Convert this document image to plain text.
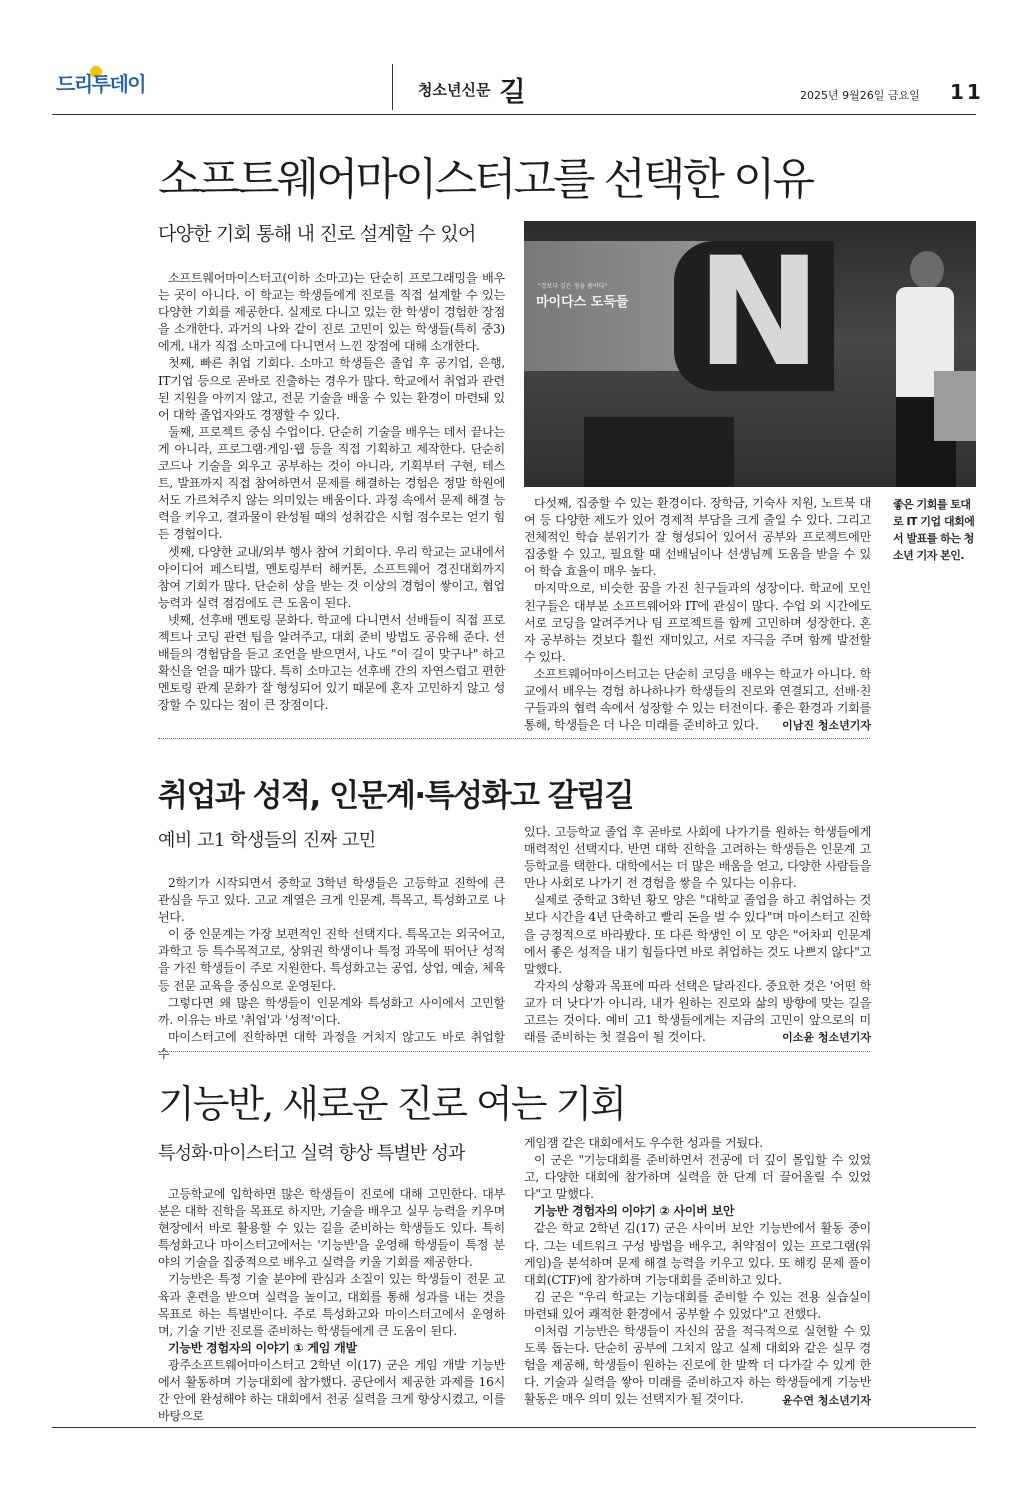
드리투데이	청소년신문 길	2025년 9월26일 금요일 11
소프트웨어마이스터고를 선택한 이유
다양한 기회 통해 내 진로 설계할 수 있어

소프트웨어마이스터고(이하 소마고)는 단순히 프로그래밍을 배우는 곳이 아니다. 이 학교는 학생들에게 진로를 직접 설계할 수 있는 다양한 기회를 제공한다. 실제로 다니고 있는 한 학생이 경험한 장점을 소개한다. 과거의 나와 같이 진로 고민이 있는 학생들(특히 중3)에게, 내가 직접 소마고에 다니면서 느낀 장점에 대해 소개한다.

첫째, 빠른 취업 기회다. 소마고 학생들은 졸업 후 공기업, 은행, IT기업 등으로 곧바로 진출하는 경우가 많다. 학교에서 취업과 관련된 지원을 아끼지 않고, 전문 기술을 배울 수 있는 환경이 마련돼 있어 대학 졸업자와도 경쟁할 수 있다.

둘째, 프로젝트 중심 수업이다. 단순히 기술을 배우는 데서 끝나는 게 아니라, 프로그램·게임·웹 등을 직접 기획하고 제작한다. 단순히 코드나 기술을 외우고 공부하는 것이 아니라, 기획부터 구현, 테스트, 발표까지 직접 참여하면서 문제를 해결하는 경험은 정말 학원에서도 가르쳐주지 않는 의미있는 배움이다. 과정 속에서 문제 해결 능력을 키우고, 결과물이 완성될 때의 성취감은 시험 점수로는 얻기 힘든 경험이다.

셋째, 다양한 교내/외부 행사 참여 기회이다. 우리 학교는 교내에서 아이디어 페스티벌, 멘토링부터 해커톤, 소프트웨어 경진대회까지 참여 기회가 많다. 단순히 상을 받는 것 이상의 경험이 쌓이고, 협업 능력과 실력 점검에도 큰 도움이 된다.

넷째, 선후배 멘토링 문화다. 학교에 다니면서 선배들이 직접 프로젝트나 코딩 관련 팁을 알려주고, 대회 준비 방법도 공유해 준다. 선배들의 경험담을 듣고 조언을 받으면서, 나도 "이 길이 맞구나" 하고 확신을 얻을 때가 많다. 특히 소마고는 선후배 간의 자연스럽고 편한 멘토링 관계 문화가 잘 형성되어 있기 때문에 혼자 고민하지 않고 성장할 수 있다는 점이 큰 장점이다.

"강보다 깊은 정을 품어다"
마이다스 도둑들 N

다섯째, 집중할 수 있는 환경이다. 장학금, 기숙사 지원, 노트북 대여 등 다양한 제도가 있어 경제적 부담을 크게 줄일 수 있다. 그리고 전체적인 학습 분위기가 잘 형성되어 있어서 공부와 프로젝트에만 집중할 수 있고, 필요할 때 선배님이나 선생님께 도움을 받을 수 있어 학습 효율이 매우 높다.

마지막으로, 비슷한 꿈을 가진 친구들과의 성장이다. 학교에 모인 친구들은 대부분 소프트웨어와 IT에 관심이 많다. 수업 외 시간에도 서로 코딩을 알려주거나 팀 프로젝트를 함께 고민하며 성장한다. 혼자 공부하는 것보다 훨씬 재미있고, 서로 자극을 주며 함께 발전할 수 있다.

소프트웨어마이스터고는 단순히 코딩을 배우는 학교가 아니다. 학교에서 배우는 경험 하나하나가 학생들의 진로와 연결되고, 선배·친구들과의 협력 속에서 성장할 수 있는 터전이다. 좋은 환경과 기회를 통해, 학생들은 더 나은 미래를 준비하고 있다.	이남진 청소년기자
좋은 기회를 토대로 IT 기업 대회에서 발표를 하는 청소년 기자 본인.
취업과 성적, 인문계·특성화고 갈림길
예비 고1 학생들의 진짜 고민

2학기가 시작되면서 중학교 3학년 학생들은 고등학교 진학에 큰 관심을 두고 있다. 고교 계열은 크게 인문계, 특목고, 특성화고로 나뉜다.

이 중 인문계는 가장 보편적인 진학 선택지다. 특목고는 외국어고, 과학고 등 특수목적고로, 상위권 학생이나 특정 과목에 뛰어난 성적을 가진 학생들이 주로 지원한다. 특성화고는 공업, 상업, 예술, 체육 등 전문 교육을 중심으로 운영된다.

그렇다면 왜 많은 학생들이 인문계와 특성화고 사이에서 고민할까. 이유는 바로 '취업'과 '성적'이다.

마이스터고에 진학하면 대학 과정을 거치지 않고도 바로 취업할 수

있다. 고등학교 졸업 후 곧바로 사회에 나가기를 원하는 학생들에게 매력적인 선택지다. 반면 대학 진학을 고려하는 학생들은 인문계 고등학교를 택한다. 대학에서는 더 많은 배움을 얻고, 다양한 사람들을 만나 사회로 나가기 전 경험을 쌓을 수 있다는 이유다.

실제로 중학교 3학년 황모 양은 "대학교 졸업을 하고 취업하는 것보다 시간을 4년 단축하고 빨리 돈을 벌 수 있다"며 마이스터고 진학을 긍정적으로 바라봤다. 또 다른 학생인 이 모 양은 "어차피 인문계에서 좋은 성적을 내기 힘들다면 바로 취업하는 것도 나쁘지 않다"고 말했다.

각자의 상황과 목표에 따라 선택은 달라진다. 중요한 것은 '어떤 학교가 더 낫다'가 아니라, 내가 원하는 진로와 삶의 방향에 맞는 길을 고르는 것이다. 예비 고1 학생들에게는 지금의 고민이 앞으로의 미래를 준비하는 첫 걸음이 될 것이다.	이소윤 청소년기자
기능반, 새로운 진로 여는 기회
특성화·마이스터고 실력 향상 특별반 성과

고등학교에 입학하면 많은 학생들이 진로에 대해 고민한다. 대부분은 대학 진학을 목표로 하지만, 기술을 배우고 실무 능력을 키우며 현장에서 바로 활용할 수 있는 길을 준비하는 학생들도 있다. 특히 특성화고나 마이스터고에서는 '기능반'을 운영해 학생들이 특정 분야의 기술을 집중적으로 배우고 실력을 키울 기회를 제공한다.

기능반은 특정 기술 분야에 관심과 소질이 있는 학생들이 전문 교육과 훈련을 받으며 실력을 높이고, 대회를 통해 성과를 내는 것을 목표로 하는 특별반이다. 주로 특성화고와 마이스터고에서 운영하며, 기술 기반 진로를 준비하는 학생들에게 큰 도움이 된다.

기능반 경험자의 이야기 ① 게임 개발

광주소프트웨어마이스터고 2학년 이(17) 군은 게임 개발 기능반에서 활동하며 기능대회에 참가했다. 공단에서 제공한 과제를 16시간 안에 완성해야 하는 대회에서 전공 실력을 크게 향상시켰고, 이를 바탕으로

게임잼 같은 대회에서도 우수한 성과를 거뒀다.

이 군은 "기능대회를 준비하면서 전공에 더 깊이 몰입할 수 있었고, 다양한 대회에 참가하며 실력을 한 단계 더 끌어올릴 수 있었다"고 말했다.

기능반 경험자의 이야기 ② 사이버 보안

같은 학교 2학년 김(17) 군은 사이버 보안 기능반에서 활동 중이다. 그는 네트워크 구성 방법을 배우고, 취약점이 있는 프로그램(워게임)을 분석하며 문제 해결 능력을 키우고 있다. 또 해킹 문제 풀이 대회(CTF)에 참가하며 기능대회를 준비하고 있다.

김 군은 "우리 학교는 기능대회를 준비할 수 있는 전용 실습실이 마련돼 있어 쾌적한 환경에서 공부할 수 있었다"고 전했다.

이처럼 기능반은 학생들이 자신의 꿈을 적극적으로 실현할 수 있도록 돕는다. 단순히 공부에 그치지 않고 실제 대회와 같은 실무 경험을 제공해, 학생들이 원하는 진로에 한 발짝 더 다가갈 수 있게 한다. 기술과 실력을 쌓아 미래를 준비하고자 하는 학생들에게 기능반 활동은 매우 의미 있는 선택지가 될 것이다.	윤수연 청소년기자
